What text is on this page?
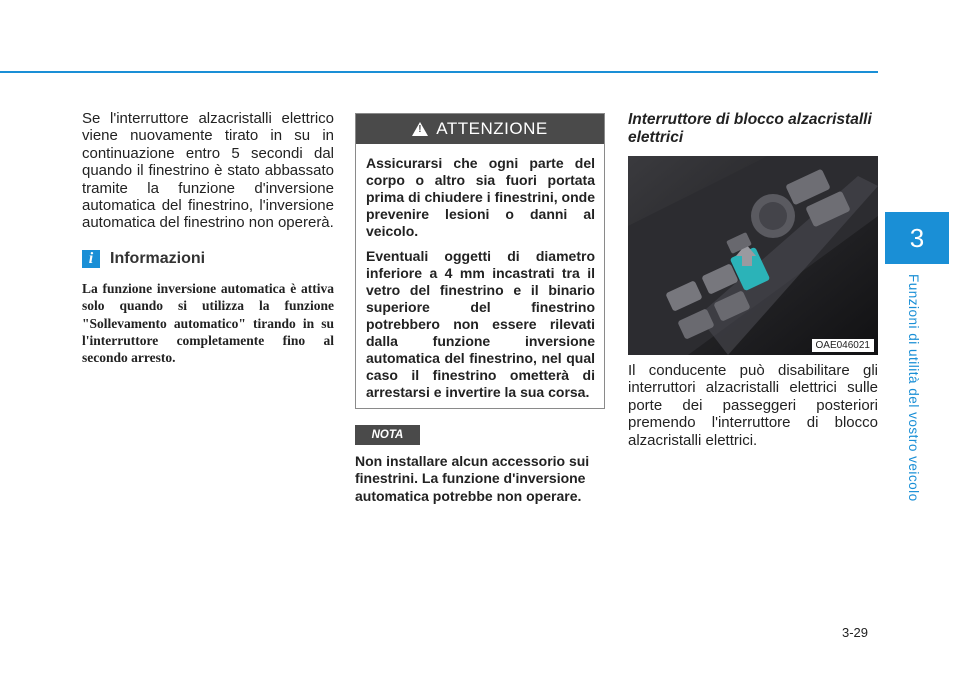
3
Funzioni di utilità del vostro veicolo

Se l'interruttore alzacristalli elettrico viene nuovamente tirato in su in continuazione entro 5 secondi dal quando il finestrino è stato abbassato tramite la funzione d'inversione automatica del finestrino, l'inversione automatica del finestrino non opererà.

i	Informazioni

La funzione inversione automatica è attiva solo quando si utilizza la funzione "Sollevamento automatico" tirando in su l'interruttore completamente fino al secondo arresto.

!
ATTENZIONE

Assicurarsi che ogni parte del corpo o altro sia fuori portata prima di chiudere i finestrini, onde prevenire lesioni o danni al veicolo.

Eventuali oggetti di diametro inferiore a 4 mm incastrati tra il vetro del finestrino e il binario superiore del finestrino potrebbero non essere rilevati dalla funzione inversione automatica del finestrino, nel qual caso il finestrino ometterà di arrestarsi e invertire la sua corsa.

NOTA

Non installare alcun accessorio sui finestrini. La funzione d'inversione automatica potrebbe non operare.

Interruttore di blocco alzacristalli elettrici

OAE046021

Il conducente può disabilitare gli interruttori alzacristalli elettrici sulle porte dei passeggeri posteriori premendo l'interruttore di blocco alzacristalli elettrici.

3-29
